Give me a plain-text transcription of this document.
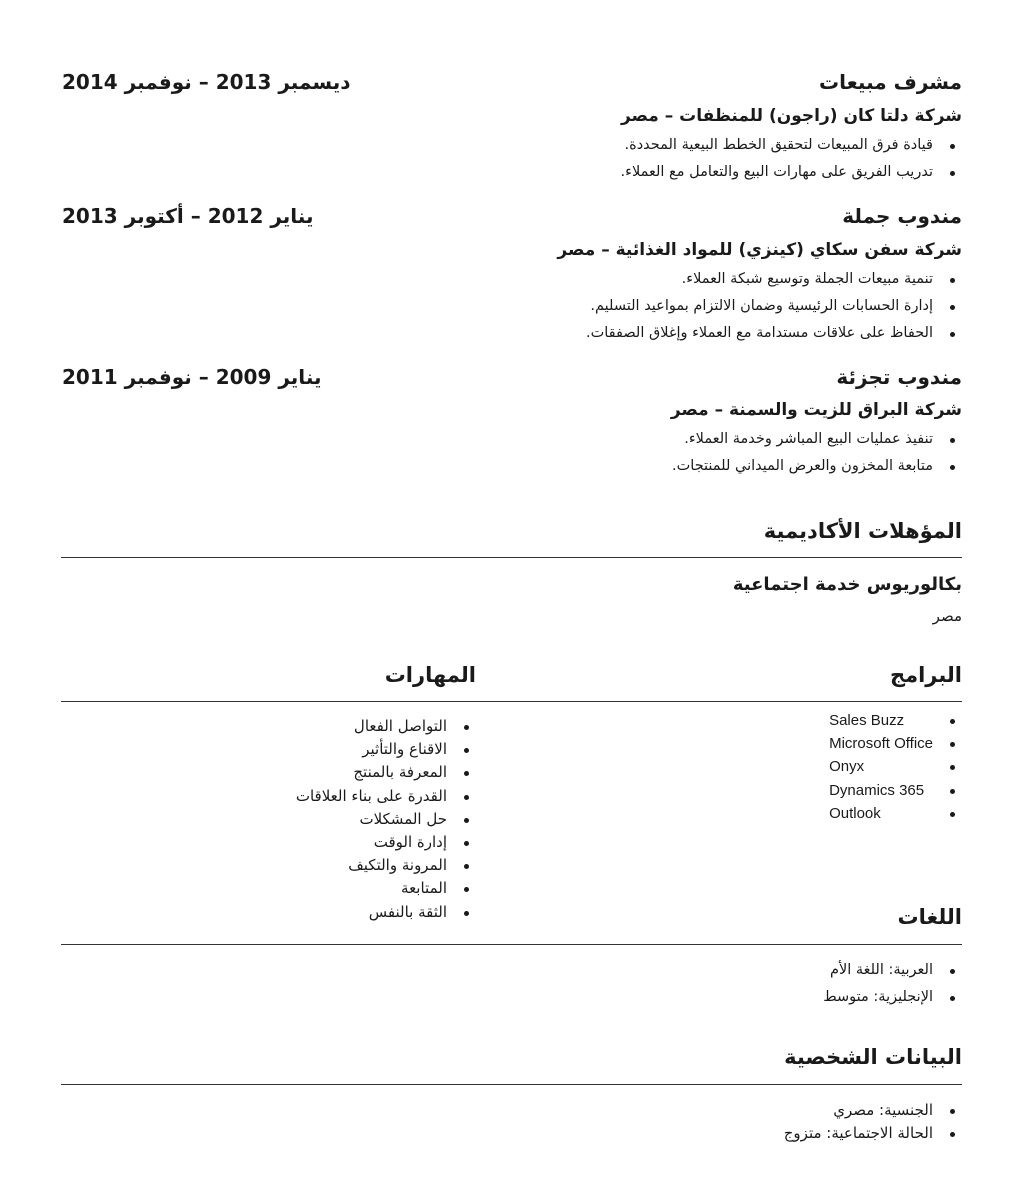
مشرف مبيعات
ديسمبر 2013 – نوفمبر 2014
شركة دلتا كان (راجون) للمنظفات – مصر
قيادة فرق المبيعات لتحقيق الخطط البيعية المحددة.
تدريب الفريق على مهارات البيع والتعامل مع العملاء.
مندوب جملة
يناير 2012 – أكتوبر 2013
شركة سفن سكاي (كينزي) للمواد الغذائية – مصر
تنمية مبيعات الجملة وتوسيع شبكة العملاء.
إدارة الحسابات الرئيسية وضمان الالتزام بمواعيد التسليم.
الحفاظ على علاقات مستدامة مع العملاء وإغلاق الصفقات.
مندوب تجزئة
يناير 2009 – نوفمبر 2011
شركة البراق للزيت والسمنة – مصر
تنفيذ عمليات البيع المباشر وخدمة العملاء.
متابعة المخزون والعرض الميداني للمنتجات.
المؤهلات الأكاديمية
بكالوريوس خدمة اجتماعية
مصر
البرامج
Sales Buzz
Microsoft Office
Onyx
Dynamics 365
Outlook
المهارات
التواصل الفعال
الاقناع والتأثير
المعرفة بالمنتج
القدرة على بناء العلاقات
حل المشكلات
إدارة الوقت
المرونة والتكيف
المتابعة
الثقة بالنفس	اللغات
العربية: اللغة الأم
الإنجليزية: متوسط
البيانات الشخصية
الجنسية: مصري
الحالة الاجتماعية: متزوج
